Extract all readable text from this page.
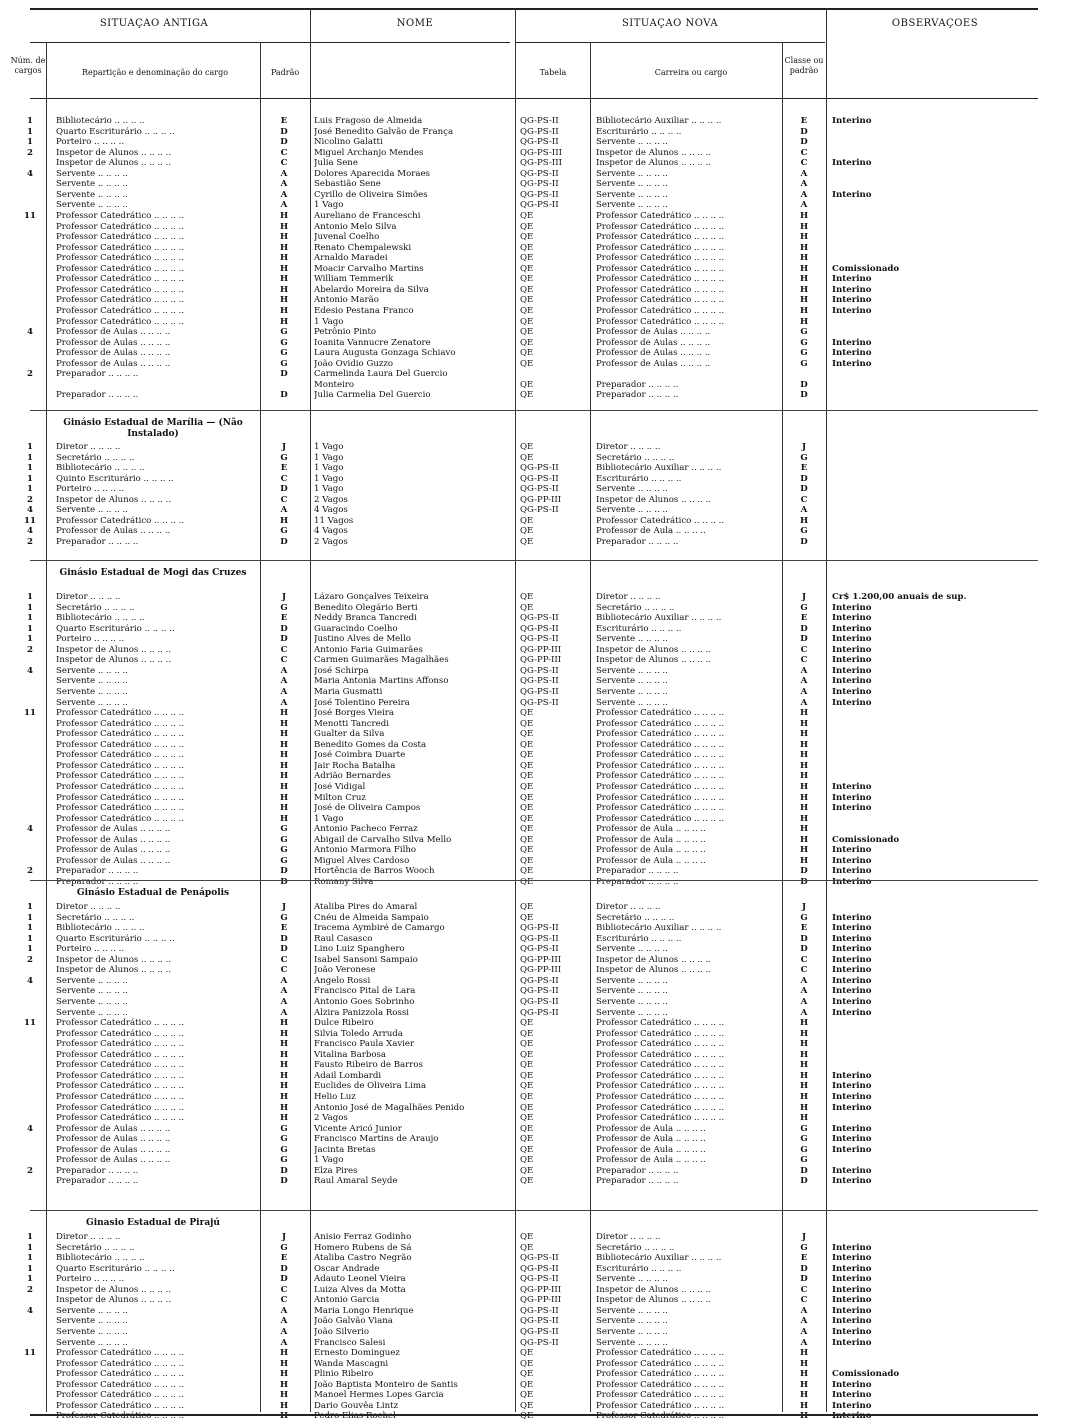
SITUAÇAO ANTIGA	NOME	SITUAÇAO NOVA	OBSERVAÇOES
Núm. de cargos	Repartição e denominação do cargo	Padrão	Tabela	Carreira ou cargo
Classe ou padrão
1	Bibliotecário .. .. .. ..	E	Luis Fragoso de Almeida	QG-PS-II	Bibliotecário Auxiliar .. .. .. ..	E	Interino
1	Quarto Escriturário .. .. .. ..	D	José Benedito Galvão de França	QG-PS-II	Escriturário .. .. .. ..	D
1	Porteiro .. .. .. ..	D	Nicolino Galatti	QG-PS-II	Servente .. .. .. ..	D
2	Inspetor de Alunos .. .. .. ..	C	Miguel Archanjo Mendes	QG-PS-III	Inspetor de Alunos .. .. .. ..	C
Inspetor de Alunos .. .. .. ..	C	Julia Sene	QG-PS-III	Inspetor de Alunos .. .. .. ..	C	Interino
4	Servente .. .. .. ..	A	Dolores Aparecida Moraes	QG-PS-II	Servente .. .. .. ..	A
Servente .. .. .. ..	A	Sebastião Sene	QG-PS-II	Servente .. .. .. ..	A
Servente .. .. .. ..	A	Cyrillo de Oliveira Simões	QG-PS-II	Servente .. .. .. ..	A	Interino
Servente .. .. .. ..	A	1 Vago	QG-PS-II	Servente .. .. .. ..	A
11	Professor Catedrático .. .. .. ..	H	Aureliano de Franceschi	QE	Professor Catedrático .. .. .. ..	H
Professor Catedrático .. .. .. ..	H	Antonio Melo Silva	QE	Professor Catedrático .. .. .. ..	H
Professor Catedrático .. .. .. ..	H	Juvenal Coelho	QE	Professor Catedrático .. .. .. ..	H
Professor Catedrático .. .. .. ..	H	Renato Chempalewski	QE	Professor Catedrático .. .. .. ..	H
Professor Catedrático .. .. .. ..	H	Arnaldo Maradei	QE	Professor Catedrático .. .. .. ..	H
Professor Catedrático .. .. .. ..	H	Moacir Carvalho Martins	QE	Professor Catedrático .. .. .. ..	H	Comissionado
Professor Catedrático .. .. .. ..	H	William Temmerik	QE	Professor Catedrático .. .. .. ..	H	Interino
Professor Catedrático .. .. .. ..	H	Abelardo Moreira da Silva	QE	Professor Catedrático .. .. .. ..	H	Interino
Professor Catedrático .. .. .. ..	H	Antonio Marão	QE	Professor Catedrático .. .. .. ..	H	Interino
Professor Catedrático .. .. .. ..	H	Edesio Pestana Franco	QE	Professor Catedrático .. .. .. ..	H	Interino
Professor Catedrático .. .. .. ..	H	1 Vago	QE	Professor Catedrático .. .. .. ..	H
4	Professor de Aulas .. .. .. ..	G	Petrônio Pinto	QE	Professor de Aulas .. .. .. ..	G
Professor de Aulas .. .. .. ..	G	Ioanita Vannucre Zenatore	QE	Professor de Aulas .. .. .. ..	G	Interino
Professor de Aulas .. .. .. ..	G	Laura Augusta Gonzaga Schiavo	QE	Professor de Aulas .. .. .. ..	G	Interino
Professor de Aulas .. .. .. ..	G	João Ovidio Guzzo	QE	Professor de Aulas .. .. .. ..	G	Interino
2	Preparador .. .. .. ..	D	Carmelinda Laura Del Guercio
Monteiro	QE	Preparador .. .. .. ..	D
Preparador .. .. .. ..	D	Julia Carmelia Del Guercio	QE	Preparador .. .. .. ..	D
Ginásio Estadual de Marília — (Não Instalado)
1	Diretor .. .. .. ..	J	1 Vago	QE	Diretor .. .. .. ..	J
1	Secretário .. .. .. ..	G	1 Vago	QE	Secretário .. .. .. ..	G
1	Bibliotecário .. .. .. ..	E	1 Vago	QG-PS-II	Bibliotecário Auxiliar .. .. .. ..	E
1	Quinto Escriturário .. .. .. ..	C	1 Vago	QG-PS-II	Escriturário .. .. .. ..	D
1	Porteiro .. .. .. ..	D	1 Vago	QG-PS-II	Servente .. .. .. ..	D
2	Inspetor de Alunos .. .. .. ..	C	2 Vagos	QG-PP-III	Inspetor de Alunos .. .. .. ..	C
4	Servente .. .. .. ..	A	4 Vagos	QG-PS-II	Servente .. .. .. ..	A
11	Professor Catedrático .. .. .. ..	H	11 Vagos	QE	Professor Catedrático .. .. .. ..	H
4	Professor de Aulas .. .. .. ..	G	4 Vagos	QE	Professor de Aula .. .. .. ..	G
2	Preparador .. .. .. ..	D	2 Vagos	QE	Preparador .. .. .. ..	D
Ginásio Estadual de Mogi das Cruzes
1	Diretor .. .. .. ..	J	Lázaro Gonçalves Teixeira	QE	Diretor .. .. .. ..	J	Cr$ 1.200,00 anuais de sup.
1	Secretário .. .. .. ..	G	Benedito Olegário Berti	QE	Secretário .. .. .. ..	G	Interino
1	Bibliotecário .. .. .. ..	E	Neddy Branca Tancredi	QG-PS-II	Bibliotecário Auxiliar .. .. .. ..	E	Interino
1	Quarto Escriturário .. .. .. ..	D	Guaracindo Coelho	QG-PS-II	Escriturário .. .. .. ..	D	Interino
1	Porteiro .. .. .. ..	D	Justino Alves de Mello	QG-PS-II	Servente .. .. .. ..	D	Interino
2	Inspetor de Alunos .. .. .. ..	C	Antonio Faria Guimarães	QG-PP-III	Inspetor de Alunos .. .. .. ..	C	Interino
Inspetor de Alunos .. .. .. ..	C	Carmen Guimarães Magalhães	QG-PP-III	Inspetor de Alunos .. .. .. ..	C	Interino
4	Servente .. .. .. ..	A	José Schirpa	QG-PS-II	Servente .. .. .. ..	A	Interino
Servente .. .. .. ..	A	Maria Antonia Martins Affonso	QG-PS-II	Servente .. .. .. ..	A	Interino
Servente .. .. .. ..	A	Maria Gusmatti	QG-PS-II	Servente .. .. .. ..	A	Interino
Servente .. .. .. ..	A	José Tolentino Pereira	QG-PS-II	Servente .. .. .. ..	A	Interino
11	Professor Catedrático .. .. .. ..	H	José Borges Vieira	QE	Professor Catedrático .. .. .. ..	H
Professor Catedrático .. .. .. ..	H	Menotti Tancredi	QE	Professor Catedrático .. .. .. ..	H
Professor Catedrático .. .. .. ..	H	Gualter da Silva	QE	Professor Catedrático .. .. .. ..	H
Professor Catedrático .. .. .. ..	H	Benedito Gomes da Costa	QE	Professor Catedrático .. .. .. ..	H
Professor Catedrático .. .. .. ..	H	José Coimbra Duarte	QE	Professor Catedrático .. .. .. ..	H
Professor Catedrático .. .. .. ..	H	Jair Rocha Batalha	QE	Professor Catedrático .. .. .. ..	H
Professor Catedrático .. .. .. ..	H	Adrião Bernardes	QE	Professor Catedrático .. .. .. ..	H
Professor Catedrático .. .. .. ..	H	José Vidigal	QE	Professor Catedrático .. .. .. ..	H	Interino
Professor Catedrático .. .. .. ..	H	Milton Cruz	QE	Professor Catedrático .. .. .. ..	H	Interino
Professor Catedrático .. .. .. ..	H	José de Oliveira Campos	QE	Professor Catedrático .. .. .. ..	H	Interino
Professor Catedrático .. .. .. ..	H	1 Vago	QE	Professor Catedrático .. .. .. ..	H
4	Professor de Aulas .. .. .. ..	G	Antonio Pacheco Ferraz	QE	Professor de Aula .. .. .. ..	H
Professor de Aulas .. .. .. ..	G	Abigail de Carvalho Silva Mello	QE	Professor de Aula .. .. .. ..	H	Comissionado
Professor de Aulas .. .. .. ..	G	Antonio Marmora Filho	QE	Professor de Aula .. .. .. ..	H	Interino
Professor de Aulas .. .. .. ..	G	Miguel Alves Cardoso	QE	Professor de Aula .. .. .. ..	H	Interino
2	Preparador .. .. .. ..	D	Hortência de Barros Wooch	QE	Preparador .. .. .. ..	D	Interino
Preparador .. .. .. ..	D	Romany Silva	QE	Preparador .. .. .. ..	D	Interino
Ginásio Estadual de Penápolis
1	Diretor .. .. .. ..	J	Ataliba Pires do Amaral	QE	Diretor .. .. .. ..	J
1	Secretário .. .. .. ..	G	Cnéu de Almeida Sampaio	QE	Secretário .. .. .. ..	G	Interino
1	Bibliotecário .. .. .. ..	E	Iracema Aymbiré de Camargo	QG-PS-II	Bibliotecário Auxiliar .. .. .. ..	E	Interino
1	Quarto Escriturário .. .. .. ..	D	Raul Casasco	QG-PS-II	Escriturário .. .. .. ..	D	Interino
1	Porteiro .. .. .. ..	D	Lino Luiz Spanghero	QG-PS-II	Servente .. .. .. ..	D	Interino
2	Inspetor de Alunos .. .. .. ..	C	Isabel Sansoni Sampaio	QG-PP-III	Inspetor de Alunos .. .. .. ..	C	Interino
Inspetor de Alunos .. .. .. ..	C	João Veronese	QG-PP-III	Inspetor de Alunos .. .. .. ..	C	Interino
4	Servente .. .. .. ..	A	Angelo Rossi	QG-PS-II	Servente .. .. .. ..	A	Interino
Servente .. .. .. ..	A	Francisco Pital de Lara	QG-PS-II	Servente .. .. .. ..	A	Interino
Servente .. .. .. ..	A	Antonio Goes Sobrinho	QG-PS-II	Servente .. .. .. ..	A	Interino
Servente .. .. .. ..	A	Alzira Panizzola Rossi	QG-PS-II	Servente .. .. .. ..	A	Interino
11	Professor Catedrático .. .. .. ..	H	Dulce Ribeiro	QE	Professor Catedrático .. .. .. ..	H
Professor Catedrático .. .. .. ..	H	Silvia Toledo Arruda	QE	Professor Catedrático .. .. .. ..	H
Professor Catedrático .. .. .. ..	H	Francisco Paula Xavier	QE	Professor Catedrático .. .. .. ..	H
Professor Catedrático .. .. .. ..	H	Vitalina Barbosa	QE	Professor Catedrático .. .. .. ..	H
Professor Catedrático .. .. .. ..	H	Fausto Ribeiro de Barros	QE	Professor Catedrático .. .. .. ..	H
Professor Catedrático .. .. .. ..	H	Adail Lombardi	QE	Professor Catedrático .. .. .. ..	H	Interino
Professor Catedrático .. .. .. ..	H	Euclides de Oliveira Lima	QE	Professor Catedrático .. .. .. ..	H	Interino
Professor Catedrático .. .. .. ..	H	Helio Luz	QE	Professor Catedrático .. .. .. ..	H	Interino
Professor Catedrático .. .. .. ..	H	Antonio José de Magalhães Penido	QE	Professor Catedrático .. .. .. ..	H	Interino
Professor Catedrático .. .. .. ..	H	2 Vagos	QE	Professor Catedrático .. .. .. ..	H
4	Professor de Aulas .. .. .. ..	G	Vicente Aricó Junior	QE	Professor de Aula .. .. .. ..	G	Interino
Professor de Aulas .. .. .. ..	G	Francisco Martins de Araujo	QE	Professor de Aula .. .. .. ..	G	Interino
Professor de Aulas .. .. .. ..	G	Jacinta Bretas	QE	Professor de Aula .. .. .. ..	G	Interino
Professor de Aulas .. .. .. ..	G	1 Vago	QE	Professor de Aula .. .. .. ..	G
2	Preparador .. .. .. ..	D	Elza Pires	QE	Preparador .. .. .. ..	D	Interino
Preparador .. .. .. ..	D	Raul Amaral Seyde	QE	Preparador .. .. .. ..	D	Interino
Ginasio Estadual de Pirajú
1	Diretor .. .. .. ..	J	Anisio Ferraz Godinho	QE	Diretor .. .. .. ..	J
1	Secretário .. .. .. ..	G	Homero Rubens de Sá	QE	Secretário .. .. .. ..	G	Interino
1	Bibliotecário .. .. .. ..	E	Ataliba Castro Negrão	QG-PS-II	Bibliotecário Auxiliar .. .. .. ..	E	Interino
1	Quarto Escriturário .. .. .. ..	D	Oscar Andrade	QG-PS-II	Escriturário .. .. .. ..	D	Interino
1	Porteiro .. .. .. ..	D	Adauto Leonel Vieira	QG-PS-II	Servente .. .. .. ..	D	Interino
2	Inspetor de Alunos .. .. .. ..	C	Luiza Alves da Motta	QG-PP-III	Inspetor de Alunos .. .. .. ..	C	Interino
Inspetor de Alunos .. .. .. ..	C	Antonio Garcia	QG-PP-III	Inspetor de Alunos .. .. .. ..	C	Interino
4	Servente .. .. .. ..	A	Maria Longo Henrique	QG-PS-II	Servente .. .. .. ..	A	Interino
Servente .. .. .. ..	A	João Galvão Viana	QG-PS-II	Servente .. .. .. ..	A	Interino
Servente .. .. .. ..	A	João Silverio	QG-PS-II	Servente .. .. .. ..	A	Interino
Servente .. .. .. ..	A	Francisco Salesi	QG-PS-II	Servente .. .. .. ..	A	Interino
11	Professor Catedrático .. .. .. ..	H	Ernesto Dominguez	QE	Professor Catedrático .. .. .. ..	H
Professor Catedrático .. .. .. ..	H	Wanda Mascagni	QE	Professor Catedrático .. .. .. ..	H
Professor Catedrático .. .. .. ..	H	Plinio Ribeiro	QE	Professor Catedrático .. .. .. ..	H	Comissionado
Professor Catedrático .. .. .. ..	H	João Baptista Monteiro de Santis	QE	Professor Catedrático .. .. .. ..	H	Interino
Professor Catedrático .. .. .. ..	H	Manoel Hermes Lopes Garcia	QE	Professor Catedrático .. .. .. ..	H	Interino
Professor Catedrático .. .. .. ..	H	Dario Gouvêa Lintz	QE	Professor Catedrático .. .. .. ..	H	Interino
Professor Catedrático .. .. .. ..	H	Pedro Elias Rochel	QE	Professor Catedrático .. .. .. ..	H	Interino
